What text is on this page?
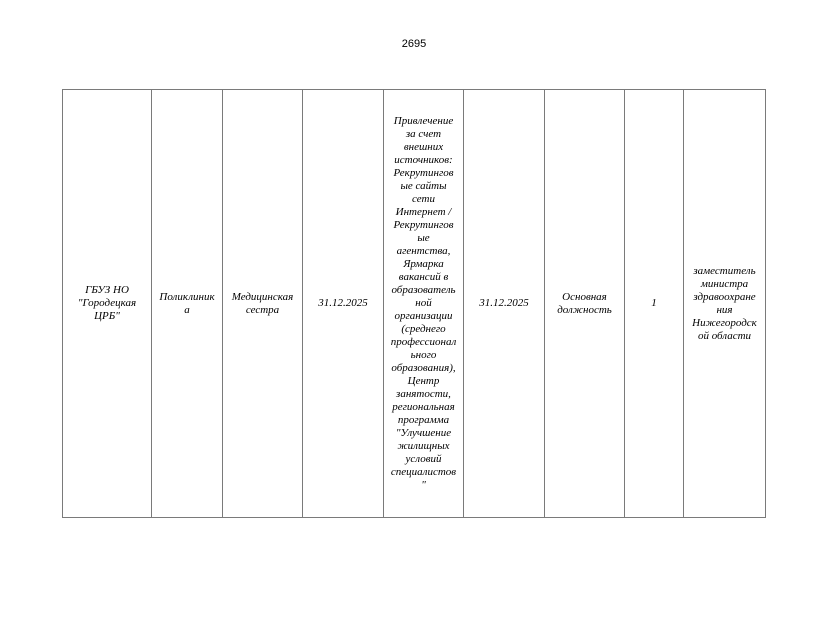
2695
ГБУЗ НО
"Городецкая
ЦРБ"	Поликлиник
а	Медицинская
сестра	31.12.2025	Привлечение
за счет
внешних
источников:
Рекрутингов
ые сайты
сети
Интернет /
Рекрутингов
ые
агентства,
Ярмарка
вакансий в
образователь
ной
организации
(среднего
профессионал
ьного
образования),
Центр
занятости,
региональная
программа
"Улучшение
жилищных
условий
специалистов
"	31.12.2025	Основная
должность	1	заместитель
министра
здравоохране
ния
Нижегородск
ой области
